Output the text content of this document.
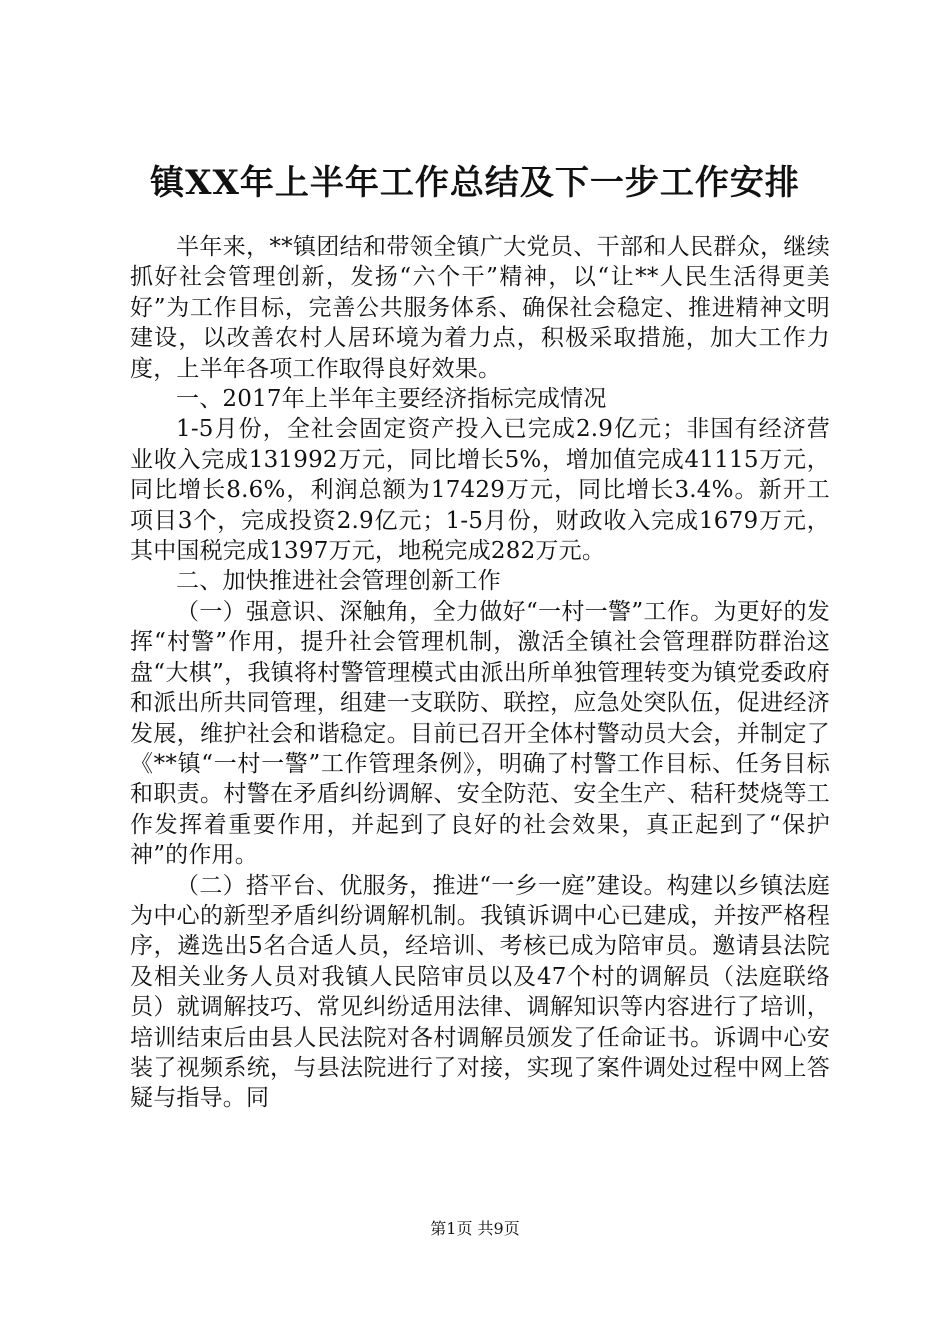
镇XX年上半年工作总结及下一步工作安排

半年来，**镇团结和带领全镇广大党员、干部和人民群众，继续抓好社会管理创新，发扬“六个干”精神，以“让**人民生活得更美好”为工作目标，完善公共服务体系、确保社会稳定、推进精神文明建设，以改善农村人居环境为着力点，积极采取措施，加大工作力度，上半年各项工作取得良好效果。

一、2017年上半年主要经济指标完成情况

1-5月份，全社会固定资产投入已完成2.9亿元；非国有经济营业收入完成131992万元，同比增长5%，增加值完成41115万元，同比增长8.6%，利润总额为17429万元，同比增长3.4%。新开工项目3个，完成投资2.9亿元；1-5月份，财政收入完成1679万元，其中国税完成1397万元，地税完成282万元。

二、加快推进社会管理创新工作

（一）强意识、深触角，全力做好“一村一警”工作。为更好的发挥“村警”作用，提升社会管理机制，激活全镇社会管理群防群治这盘“大棋”，我镇将村警管理模式由派出所单独管理转变为镇党委政府和派出所共同管理，组建一支联防、联控，应急处突队伍，促进经济发展，维护社会和谐稳定。目前已召开全体村警动员大会，并制定了《**镇“一村一警”工作管理条例》，明确了村警工作目标、任务目标和职责。村警在矛盾纠纷调解、安全防范、安全生产、秸秆焚烧等工作发挥着重要作用，并起到了良好的社会效果，真正起到了“保护神”的作用。

（二）搭平台、优服务，推进“一乡一庭”建设。构建以乡镇法庭为中心的新型矛盾纠纷调解机制。我镇诉调中心已建成，并按严格程序，遴选出5名合适人员，经培训、考核已成为陪审员。邀请县法院及相关业务人员对我镇人民陪审员以及47个村的调解员（法庭联络员）就调解技巧、常见纠纷适用法律、调解知识等内容进行了培训，培训结束后由县人民法院对各村调解员颁发了任命证书。诉调中心安装了视频系统，与县法院进行了对接，实现了案件调处过程中网上答疑与指导。同

第1页 共9页
